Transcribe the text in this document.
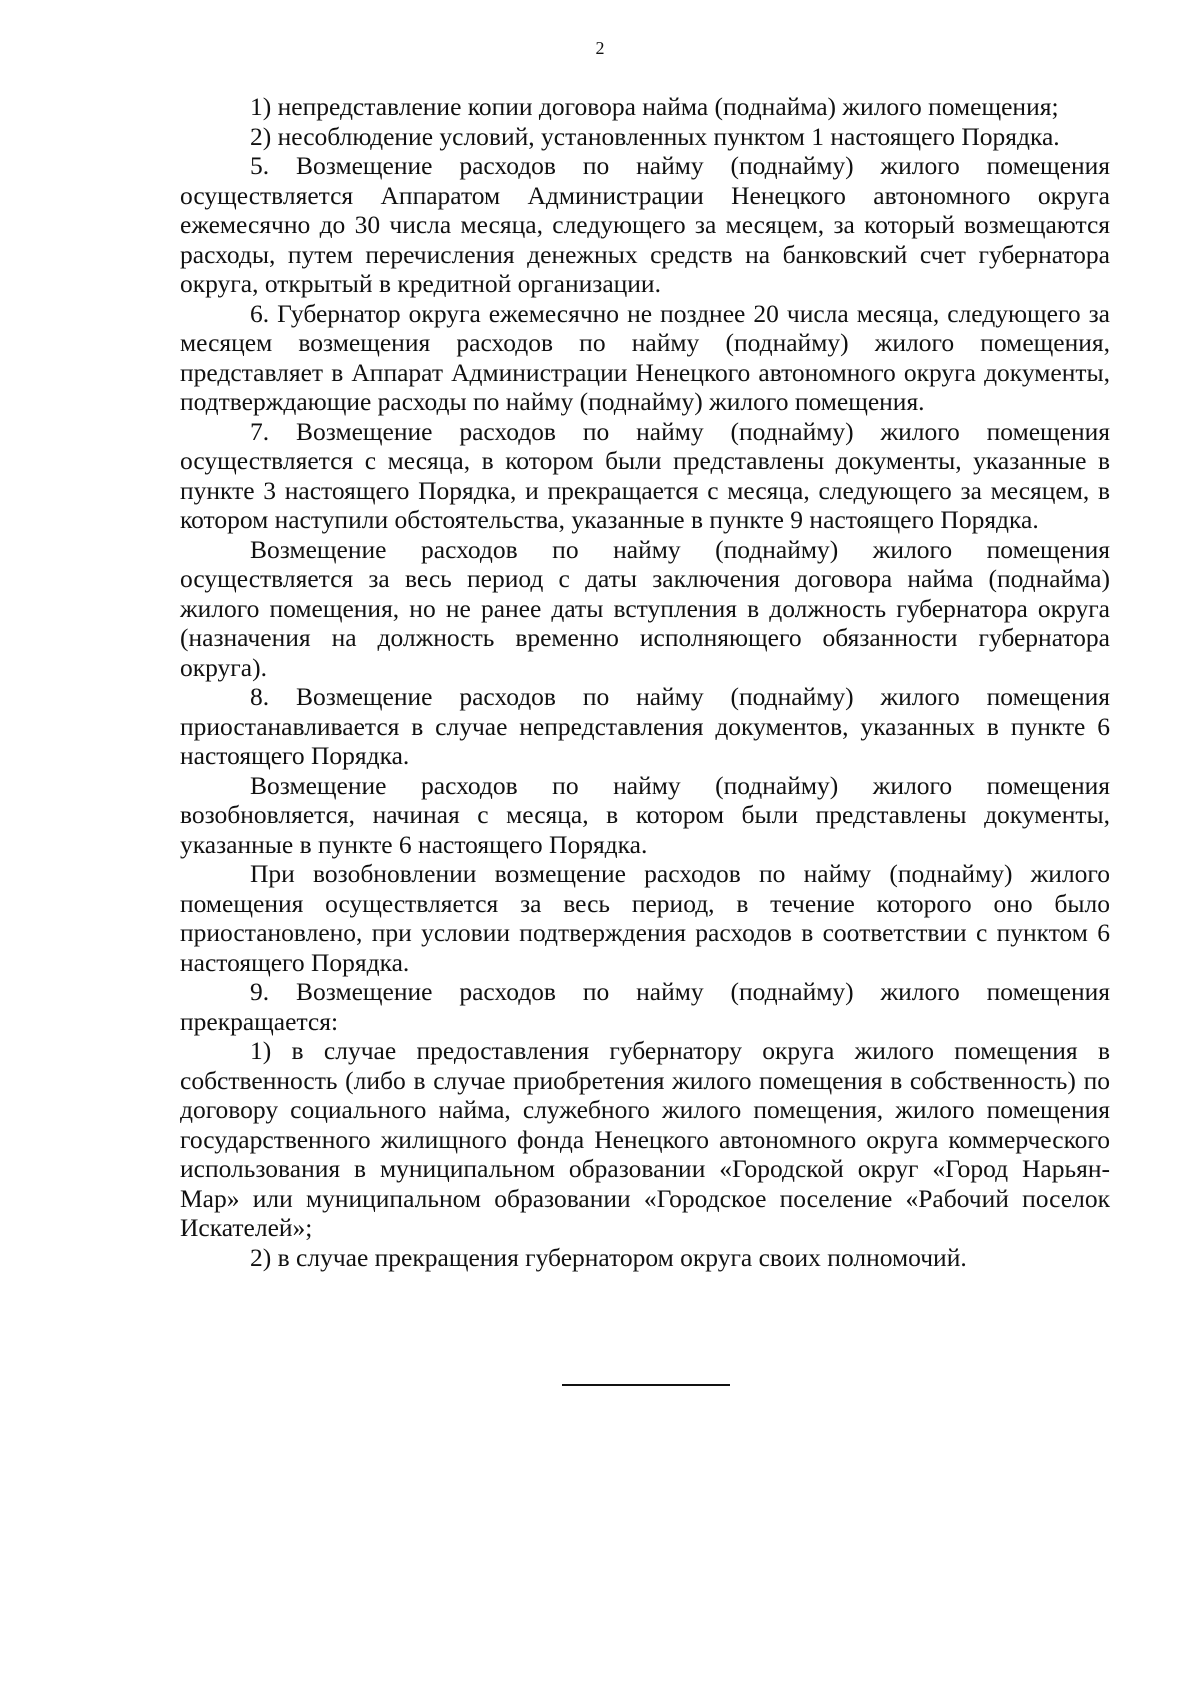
2

1) непредставление копии договора найма (поднайма) жилого помещения;

2) несоблюдение условий, установленных пунктом 1 настоящего Порядка.

5. Возмещение расходов по найму (поднайму) жилого помещения осуществляется Аппаратом Администрации Ненецкого автономного округа ежемесячно до 30 числа месяца, следующего за месяцем, за который возмещаются расходы, путем перечисления денежных средств на банковский счет губернатора округа, открытый в кредитной организации.

6. Губернатор округа ежемесячно не позднее 20 числа месяца, следующего за месяцем возмещения расходов по найму (поднайму) жилого помещения, представляет в Аппарат Администрации Ненецкого автономного округа документы, подтверждающие расходы по найму (поднайму) жилого помещения.

7. Возмещение расходов по найму (поднайму) жилого помещения осуществляется с месяца, в котором были представлены документы, указанные в пункте 3 настоящего Порядка, и прекращается с месяца, следующего за месяцем, в котором наступили обстоятельства, указанные в пункте 9 настоящего Порядка.

Возмещение расходов по найму (поднайму) жилого помещения осуществляется за весь период с даты заключения договора найма (поднайма) жилого помещения, но не ранее даты вступления в должность губернатора округа (назначения на должность временно исполняющего обязанности губернатора округа).

8. Возмещение расходов по найму (поднайму) жилого помещения приостанавливается в случае непредставления документов, указанных в пункте 6 настоящего Порядка.

Возмещение расходов по найму (поднайму) жилого помещения возобновляется, начиная с месяца, в котором были представлены документы, указанные в пункте 6 настоящего Порядка.

При возобновлении возмещение расходов по найму (поднайму) жилого помещения осуществляется за весь период, в течение которого оно было приостановлено, при условии подтверждения расходов в соответствии с пунктом 6 настоящего Порядка.

9. Возмещение расходов по найму (поднайму) жилого помещения прекращается:

1) в случае предоставления губернатору округа жилого помещения в собственность (либо в случае приобретения жилого помещения в собственность) по договору социального найма, служебного жилого помещения, жилого помещения государственного жилищного фонда Ненецкого автономного округа коммерческого использования в муниципальном образовании «Городской округ «Город Нарьян-Мар» или муниципальном образовании «Городское поселение «Рабочий поселок Искателей»;

2) в случае прекращения губернатором округа своих полномочий.
